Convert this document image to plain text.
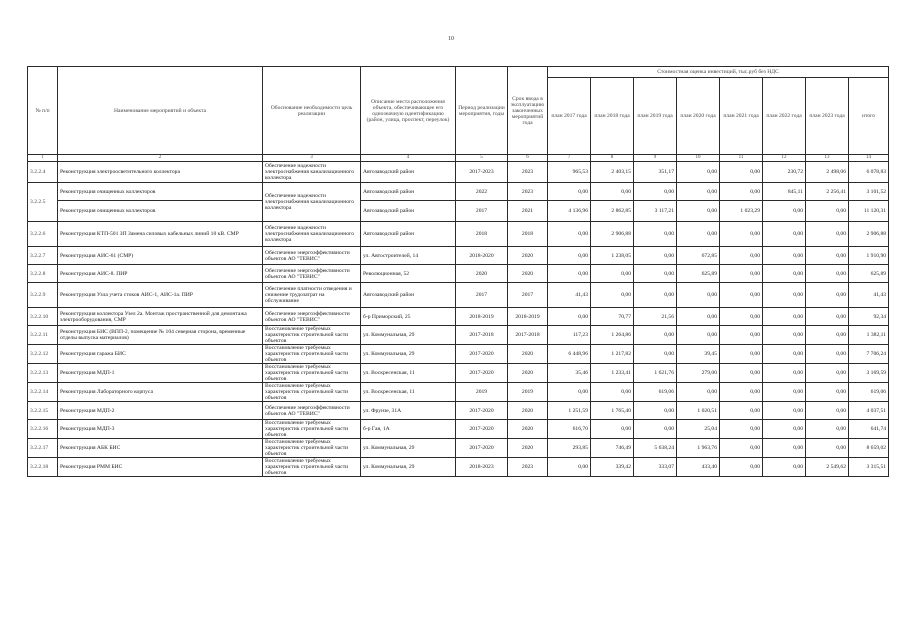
10
№ п/п	Наименование мероприятий и объекта	Обоснование необходимости цель реализации	Описание места расположения объекта, обеспечивающее его однозначную идентификацию (район, улица, проспект, переулок)	Период реализации мероприятия, годы	Срок ввода в эксплуатацию законченных мероприятий года	Стоимостная оценка инвестиций, тыс.руб без НДС							
						план 2017 года	план 2018 года	план 2019 года	план 2020 года	план 2021 года	план 2022 года	план 2023 года	итого
1	2	3	4	5	6	7	8	9	10	11	12	13	14
3.2.2.4	Реконструкция электроосветительного коллектора	Обеспечение надежности электроснабжения канализационного коллектора	Автозаводский район	2017-2023	2023	965,53	2 403,15	351,17	0,00	0,00	230,72	2 498,06	6 078,83
3.2.2.5	Реконструкция очищенных коллекторов	Обеспечение надежности электроснабжения канализационного коллектора	Автозаводский район	2022	2023	0,00	0,00	0,00	0,00	0,00	845,11	2 256,41	3 101,52
	Реконструкция очищенных коллекторов		Автозаводский район	2017	2021	4 136,96	2 862,85	3 117,21	0,00	1 023,29	0,00	0,00	11 120,31
3.2.2.6	Реконструкция КТП-501 ЗП Замена силовых кабельных линий 10 кВ. СМР	Обеспечение надежности электроснабжения канализационного коллектора	Автозаводский район	2018	2018	0,00	2 906,88	0,00	0,00	0,00	0,00	0,00	2 906,88
3.2.2.7	Реконструкция АИС-61 (СМР)	Обеспечение энергоэффективности объектов АО "ТЕВИС"	ул. Автостроителей, 14	2018-2020	2020	0,00	1 238,05	0,00	672,85	0,00	0,00	0,00	1 910,90
3.2.2.8	Реконструкция АИС-8. ПИР	Обеспечение энергоэффективности объектов АО "ТЕВИС"	Революционная, 52	2020	2020	0,00	0,00	0,00	625,89	0,00	0,00	0,00	625,89
3.2.2.9	Реконструкция Узла учета стоков АИС-1, АИС-1а. ПИР	Обеспечение платности отведения и снижение трудозатрат на обслуживание	Автозаводский район	2017	2017	41,43	0,00	0,00	0,00	0,00	0,00	0,00	41,43
3.2.2.10	Реконструкция коллектора Узел 2а. Монтаж пространственной для демонтажа электрооборудования, СМР	Обеспечение энергоэффективности объектов АО "ТЕВИС"	б-р Приморский, 25	2018-2019	2018-2019	0,00	70,77	21,56	0,00	0,00	0,00	0,00	92,34
3.2.2.11	Реконструкция БИС (ВПП-2, помещение № 104 северная сторона, временные отделы выпуска материалов)	Восстановление требуемых характеристик строительной части объектов	ул. Коммунальная, 29	2017-2018	2017-2018	117,23	1 264,86	0,00	0,00	0,00	0,00	0,00	1 382,11
3.2.2.12	Реконструкция гаража БИС	Восстановление требуемых характеристик строительной части объектов	ул. Коммунальная, 29	2017-2020	2020	6 448,96	1 217,82	0,00	39,45	0,00	0,00	0,00	7 706,24
3.2.2.13	Реконструкция МДП-1	Восстановление требуемых характеристик строительной части объектов	ул. Воскресенская, 11	2017-2020	2020	35,46	1 233,41	1 621,76	279,00	0,00	0,00	0,00	3 169,59
3.2.2.14	Реконструкция Лабораторного корпуса	Восстановление требуемых характеристик строительной части объектов	ул. Воскресенская, 11	2019	2019	0,00	0,00	619,06	0,00	0,00	0,00	0,00	619,06
3.2.2.15	Реконструкция МДП-2	Обеспечение энергоэффективности объектов АО "ТЕВИС"	ул. Фрунзе, 31А	2017-2020	2020	1 251,59	1 765,40	0,00	1 020,51	0,00	0,00	0,00	4 037,51
3.2.2.16	Реконструкция МДП-3	Восстановление требуемых характеристик строительной части объектов	б-р Гая, 1А	2017-2020	2020	616,70	0,00	0,00	25,04	0,00	0,00	0,00	641,74
3.2.2.17	Реконструкция АБК БИС	Восстановление требуемых характеристик строительной части объектов	ул. Коммунальная, 29	2017-2020	2020	293,85	746,49	5 638,24	1 963,76	0,00	0,00	0,00	8 659,02
3.2.2.18	Реконструкция РММ БИС	Восстановление требуемых характеристик строительной части объектов	ул. Коммунальная, 29	2018-2023	2023	0,00	339,42	333,07	433,40	0,00	0,00	2 549,62	3 315,51
